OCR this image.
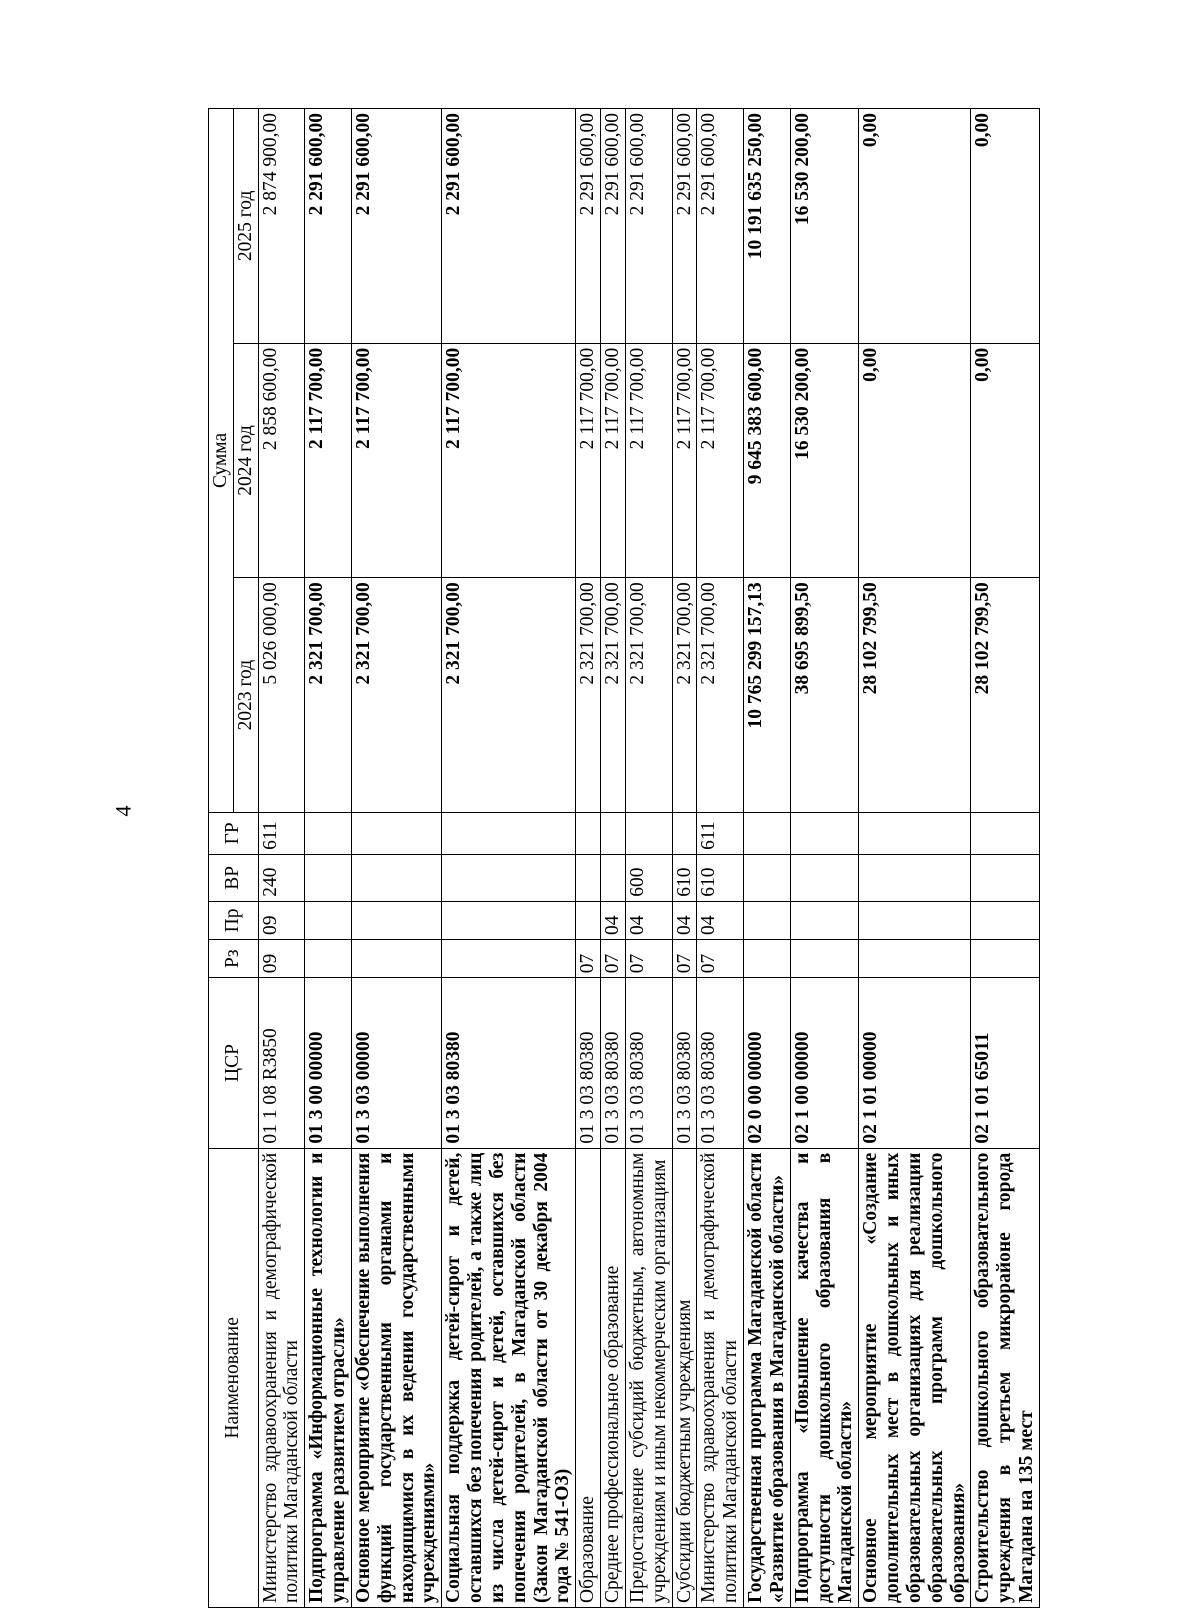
4
Наименование	ЦСР	Рз	Пр	ВР	ГР	Сумма		
						2023 год	2024 год	2025 год
Министерство здравоохранения и демографической политики Магаданской области	01 1 08 R3850	09	09	240	611	5 026 000,00	2 858 600,00	2 874 900,00
Подпрограмма «Информационные технологии и управление развитием отрасли»	01 3 00 00000					2 321 700,00	2 117 700,00	2 291 600,00
Основное мероприятие «Обеспечение выполнения функций государственными органами и находящимися в их ведении государственными учреждениями»	01 3 03 00000					2 321 700,00	2 117 700,00	2 291 600,00
Социальная поддержка детей-сирот и детей, оставшихся без попечения родителей, а также лиц из числа детей-сирот и детей, оставшихся без попечения родителей, в Магаданской области (Закон Магаданской области от 30 декабря 2004 года № 541-ОЗ)	01 3 03 80380					2 321 700,00	2 117 700,00	2 291 600,00
Образование	01 3 03 80380	07				2 321 700,00	2 117 700,00	2 291 600,00
Среднее профессиональное образование	01 3 03 80380	07	04			2 321 700,00	2 117 700,00	2 291 600,00
Предоставление субсидий бюджетным, автономным учреждениям и иным некоммерческим организациям	01 3 03 80380	07	04	600		2 321 700,00	2 117 700,00	2 291 600,00
Субсидии бюджетным учреждениям	01 3 03 80380	07	04	610		2 321 700,00	2 117 700,00	2 291 600,00
Министерство здравоохранения и демографической политики Магаданской области	01 3 03 80380	07	04	610	611	2 321 700,00	2 117 700,00	2 291 600,00
Государственная программа Магаданской области «Развитие образования в Магаданской области»	02 0 00 00000					10 765 299 157,13	9 645 383 600,00	10 191 635 250,00
Подпрограмма «Повышение качества и доступности дошкольного образования в Магаданской области»	02 1 00 00000					38 695 899,50	16 530 200,00	16 530 200,00
Основное мероприятие «Создание дополнительных мест в дошкольных и иных образовательных организациях для реализации образовательных программ дошкольного образования»	02 1 01 00000					28 102 799,50	0,00	0,00
Строительство дошкольного образовательного учреждения в третьем микрорайоне города Магадана на 135 мест	02 1 01 65011					28 102 799,50	0,00	0,00
